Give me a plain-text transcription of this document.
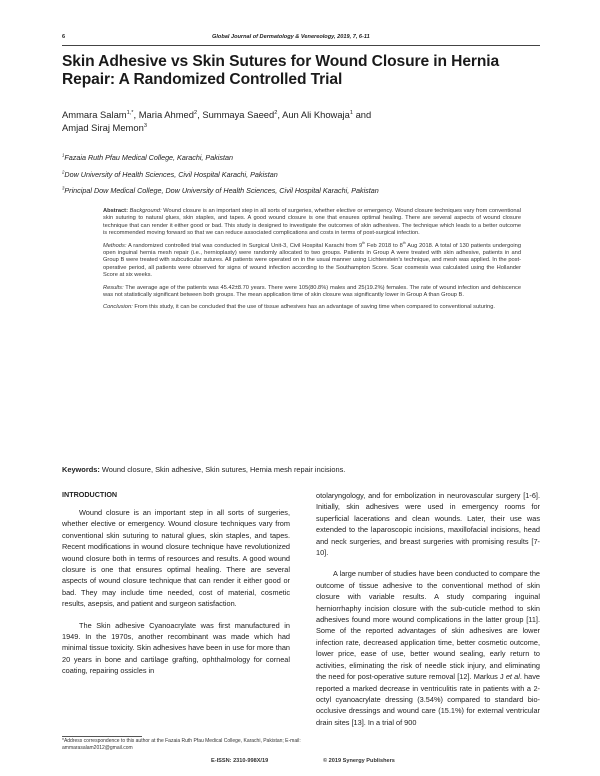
6	Global Journal of Dermatology & Venereology, 2019, 7, 6-11
Skin Adhesive vs Skin Sutures for Wound Closure in Hernia Repair: A Randomized Controlled Trial
Ammara Salam$^{1,*}$, Maria Ahmed$^2$, Summaya Saeed$^2$, Aun Ali Khowaja$^1$ and
Amjad Siraj Memon$^3$
$^1$Fazaia Ruth Pfau Medical College, Karachi, Pakistan
$^2$Dow University of Health Sciences, Civil Hospital Karachi, Pakistan
$^3$Principal Dow Medical College, Dow University of Health Sciences, Civil Hospital Karachi, Pakistan

Abstract: Background: Wound closure is an important step in all sorts of surgeries, whether elective or emergency. Wound closure techniques vary from conventional skin suturing to natural glues, skin staples, and tapes. A good wound closure is one that ensures optimal healing. There are several aspects of wound closure technique that can render it either good or bad. This study is designed to investigate the outcomes of skin adhesives. The technique which leads to a better outcome is recommended moving forward so that we can reduce associated complications and costs in terms of post-surgical infection.

Methods: A randomized controlled trial was conducted in Surgical Unit-3, Civil Hospital Karachi from 9th Feb 2018 to 8th Aug 2018. A total of 130 patients undergoing open inguinal hernia mesh repair (i.e., hernioplasty) were randomly allocated to two groups. Patients in Group A were treated with skin adhesive, patients in and Group B were treated with subcuticular sutures. All patients were operated on in the usual manner using Lichtenstein's technique, and mesh was applied. In the post-operative period, all patients were observed for signs of wound infection according to the Southampton Score. Scar cosmesis was calculated using the Hollander Score at six weeks.

Results: The average age of the patients was 45.42±8.70 years. There were 105(80.8%) males and 25(19.2%) females. The rate of wound infection and dehiscence was not statistically significant between both groups. The mean application time of skin closure was significantly lower in Group A than Group B.

Conclusion: From this study, it can be concluded that the use of tissue adhesives has an advantage of saving time when compared to conventional suturing.

Keywords: Wound closure, Skin adhesive, Skin sutures, Hernia mesh repair incisions.
INTRODUCTION

Wound closure is an important step in all sorts of surgeries, whether elective or emergency. Wound closure techniques vary from conventional skin suturing to natural glues, skin staples, and tapes. Recent modifications in wound closure technique have revolutionized wound closure both in terms of resources and results. A good wound closure is one that ensures optimal healing. There are several aspects of wound closure technique that can render it either good or bad. They may include time needed, cost of material, cosmetic results, asepsis, and patient and surgeon satisfaction.

The Skin adhesive Cyanoacrylate was first manufactured in 1949. In the 1970s, another recombinant was made which had minimal tissue toxicity. Skin adhesives have been in use for more than 20 years in bone and cartilage grafting, ophthalmology for corneal coating, repairing ossicles in

otolaryngology, and for embolization in neurovascular surgery [1-6]. Initially, skin adhesives were used in emergency rooms for superficial lacerations and clean wounds. Later, their use was extended to the laparoscopic incisions, maxillofacial incisions, head and neck surgeries, and breast surgeries with promising results [7-10].

A large number of studies have been conducted to compare the outcome of tissue adhesive to the conventional method of skin closure with variable results. A study comparing inguinal herniorrhaphy incision closure with the sub-cuticle method to skin adhesives found more wound complications in the latter group [11]. Some of the reported advantages of skin adhesives are lower infection rate, decreased application time, better cosmetic outcome, lower price, ease of use, better wound sealing, early return to activities, eliminating the risk of needle stick injury, and eliminating the need for post-operative suture removal [12]. Markus J et al. have reported a marked decrease in ventriculitis rate in patients with a 2-octyl cyanoacrylate dressing (3.54%) compared to standard bio-occlusive dressings and wound care (15.1%) for external ventricular drain sites [13]. In a trial of 900

*Address correspondence to this author at the Fazaia Ruth Pfau Medical College, Karachi, Pakistan; E-mail: ammarasalam2012@gmail.com
E-ISSN: 2310-998X/19	© 2019 Synergy Publishers
